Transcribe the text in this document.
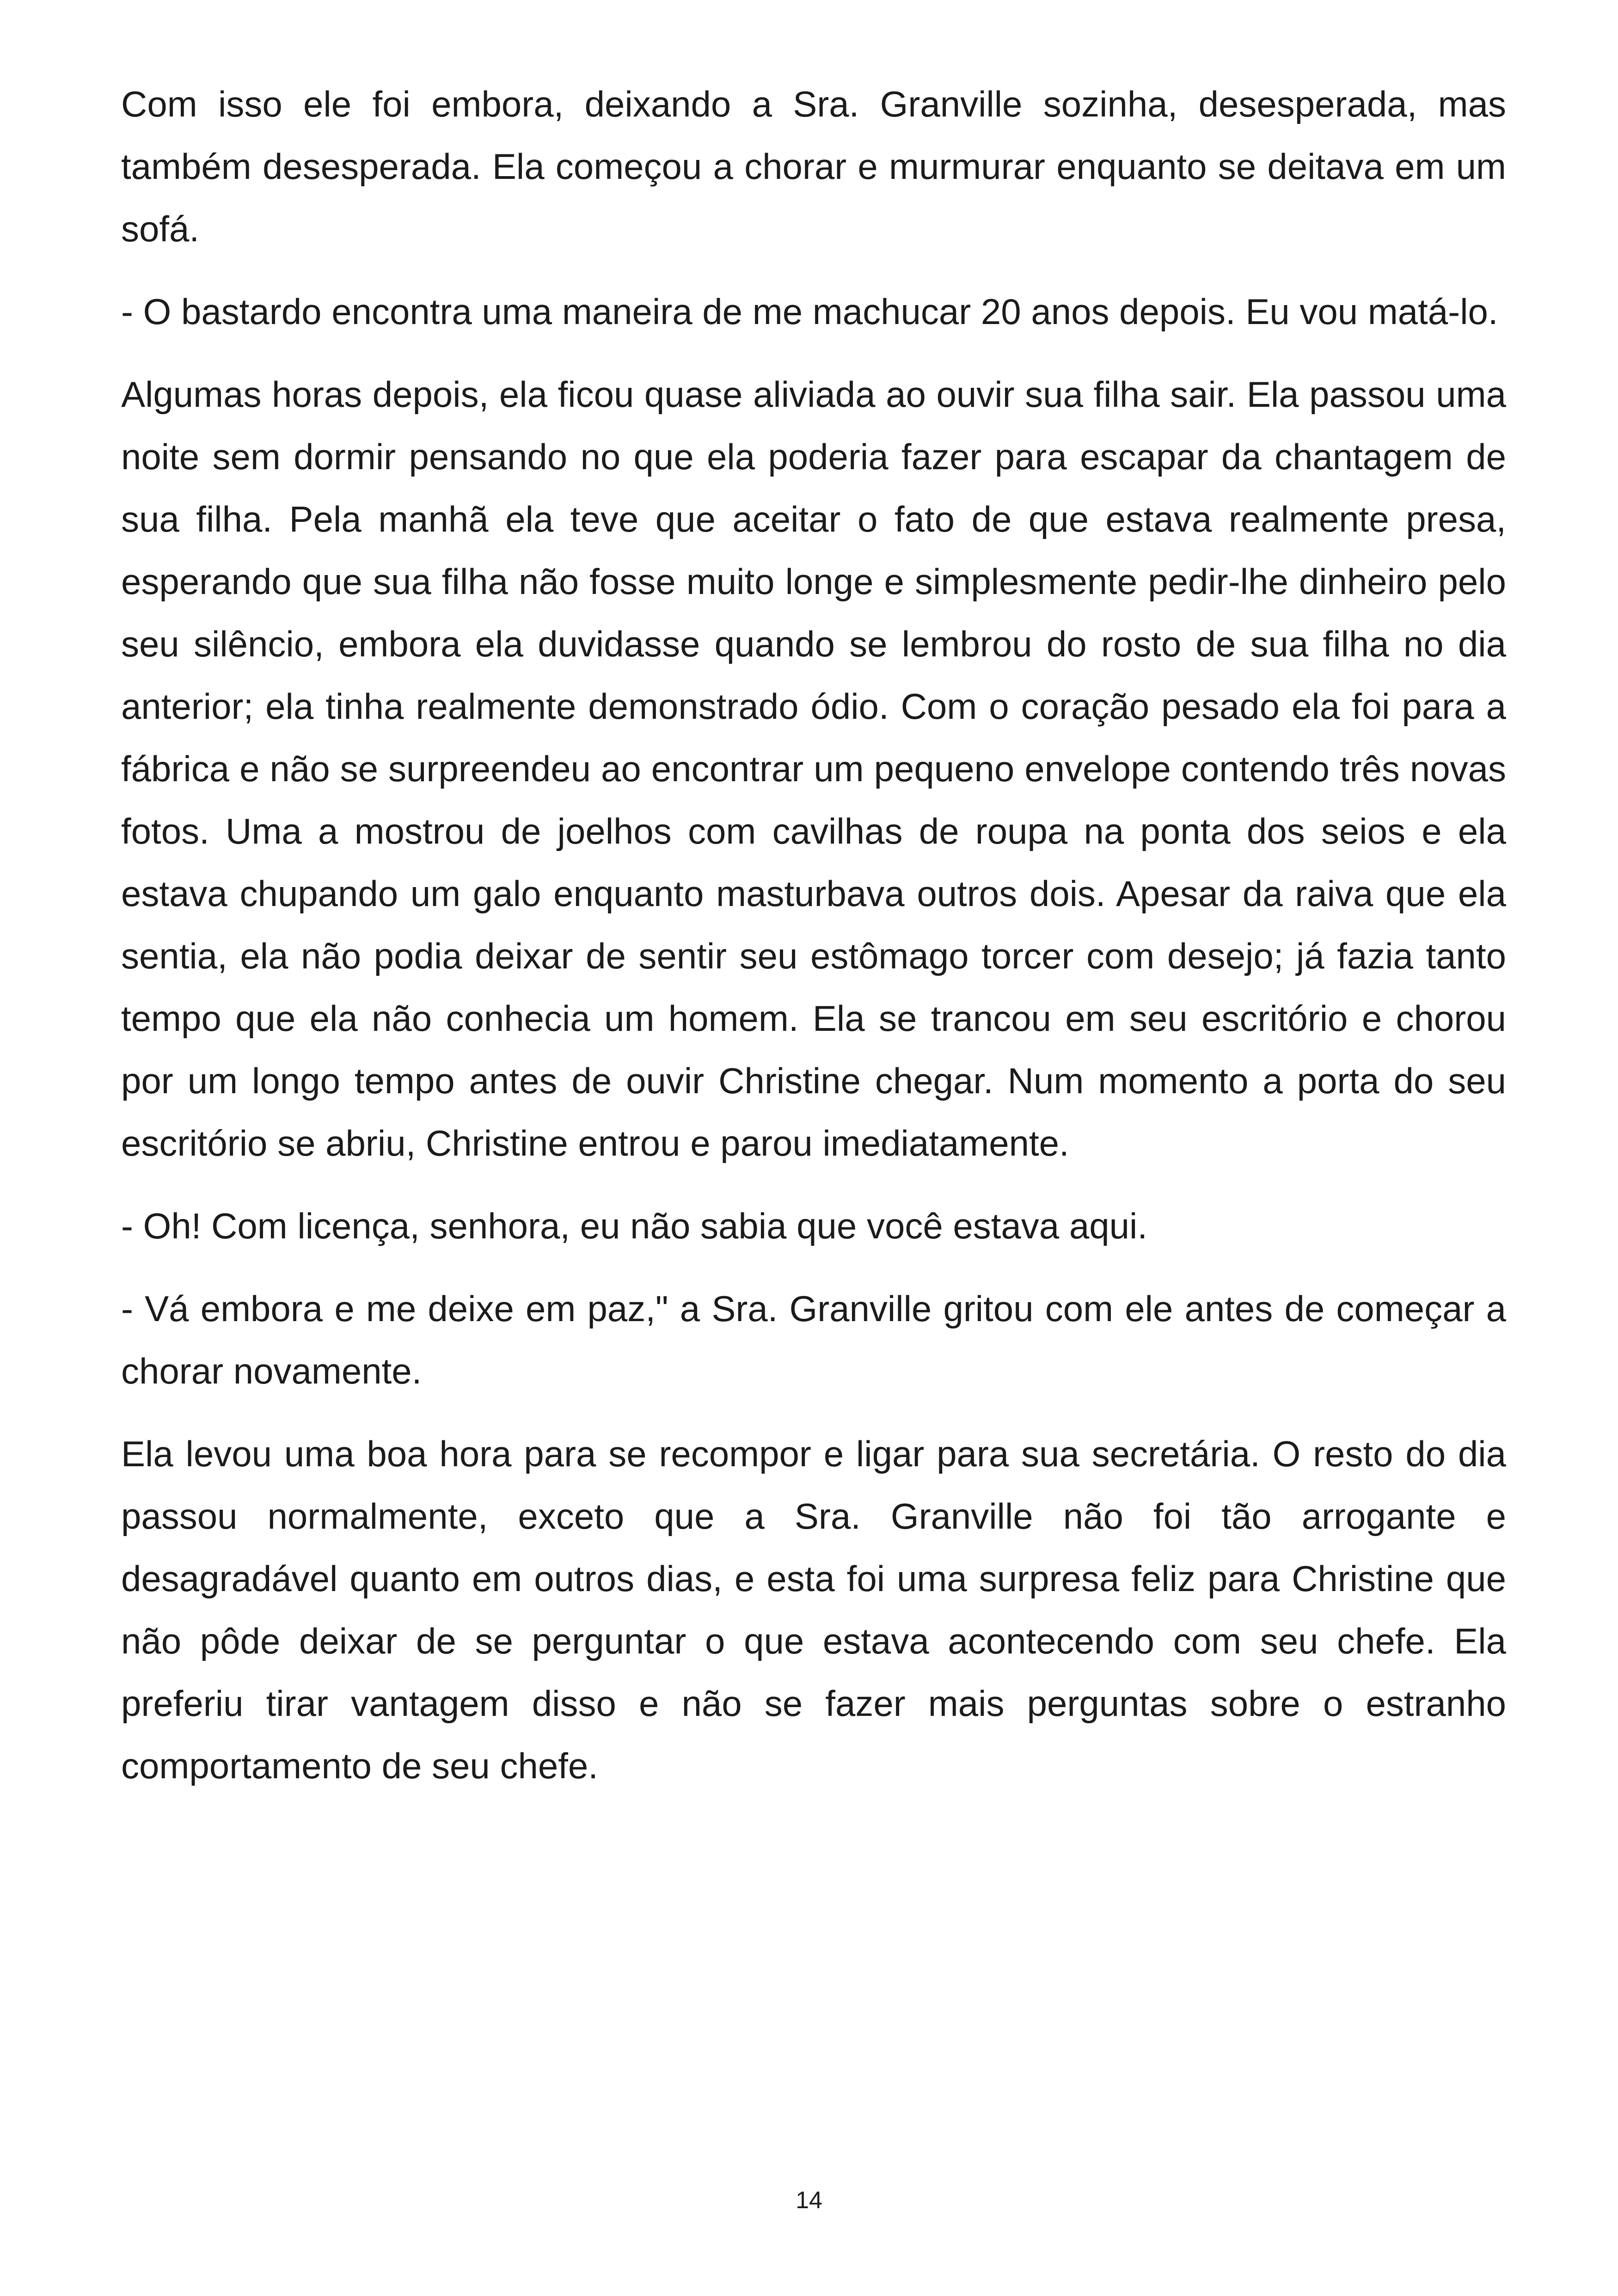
Com isso ele foi embora, deixando a Sra. Granville sozinha, desesperada, mas também desesperada. Ela começou a chorar e murmurar enquanto se deitava em um sofá.

- O bastardo encontra uma maneira de me machucar 20 anos depois. Eu vou matá-lo.

Algumas horas depois, ela ficou quase aliviada ao ouvir sua filha sair. Ela passou uma noite sem dormir pensando no que ela poderia fazer para escapar da chantagem de sua filha. Pela manhã ela teve que aceitar o fato de que estava realmente presa, esperando que sua filha não fosse muito longe e simplesmente pedir-lhe dinheiro pelo seu silêncio, embora ela duvidasse quando se lembrou do rosto de sua filha no dia anterior; ela tinha realmente demonstrado ódio. Com o coração pesado ela foi para a fábrica e não se surpreendeu ao encontrar um pequeno envelope contendo três novas fotos. Uma a mostrou de joelhos com cavilhas de roupa na ponta dos seios e ela estava chupando um galo enquanto masturbava outros dois. Apesar da raiva que ela sentia, ela não podia deixar de sentir seu estômago torcer com desejo; já fazia tanto tempo que ela não conhecia um homem. Ela se trancou em seu escritório e chorou por um longo tempo antes de ouvir Christine chegar. Num momento a porta do seu escritório se abriu, Christine entrou e parou imediatamente.

- Oh! Com licença, senhora, eu não sabia que você estava aqui.

- Vá embora e me deixe em paz," a Sra. Granville gritou com ele antes de começar a chorar novamente.

Ela levou uma boa hora para se recompor e ligar para sua secretária. O resto do dia passou normalmente, exceto que a Sra. Granville não foi tão arrogante e desagradável quanto em outros dias, e esta foi uma surpresa feliz para Christine que não pôde deixar de se perguntar o que estava acontecendo com seu chefe. Ela preferiu tirar vantagem disso e não se fazer mais perguntas sobre o estranho comportamento de seu chefe.

14
